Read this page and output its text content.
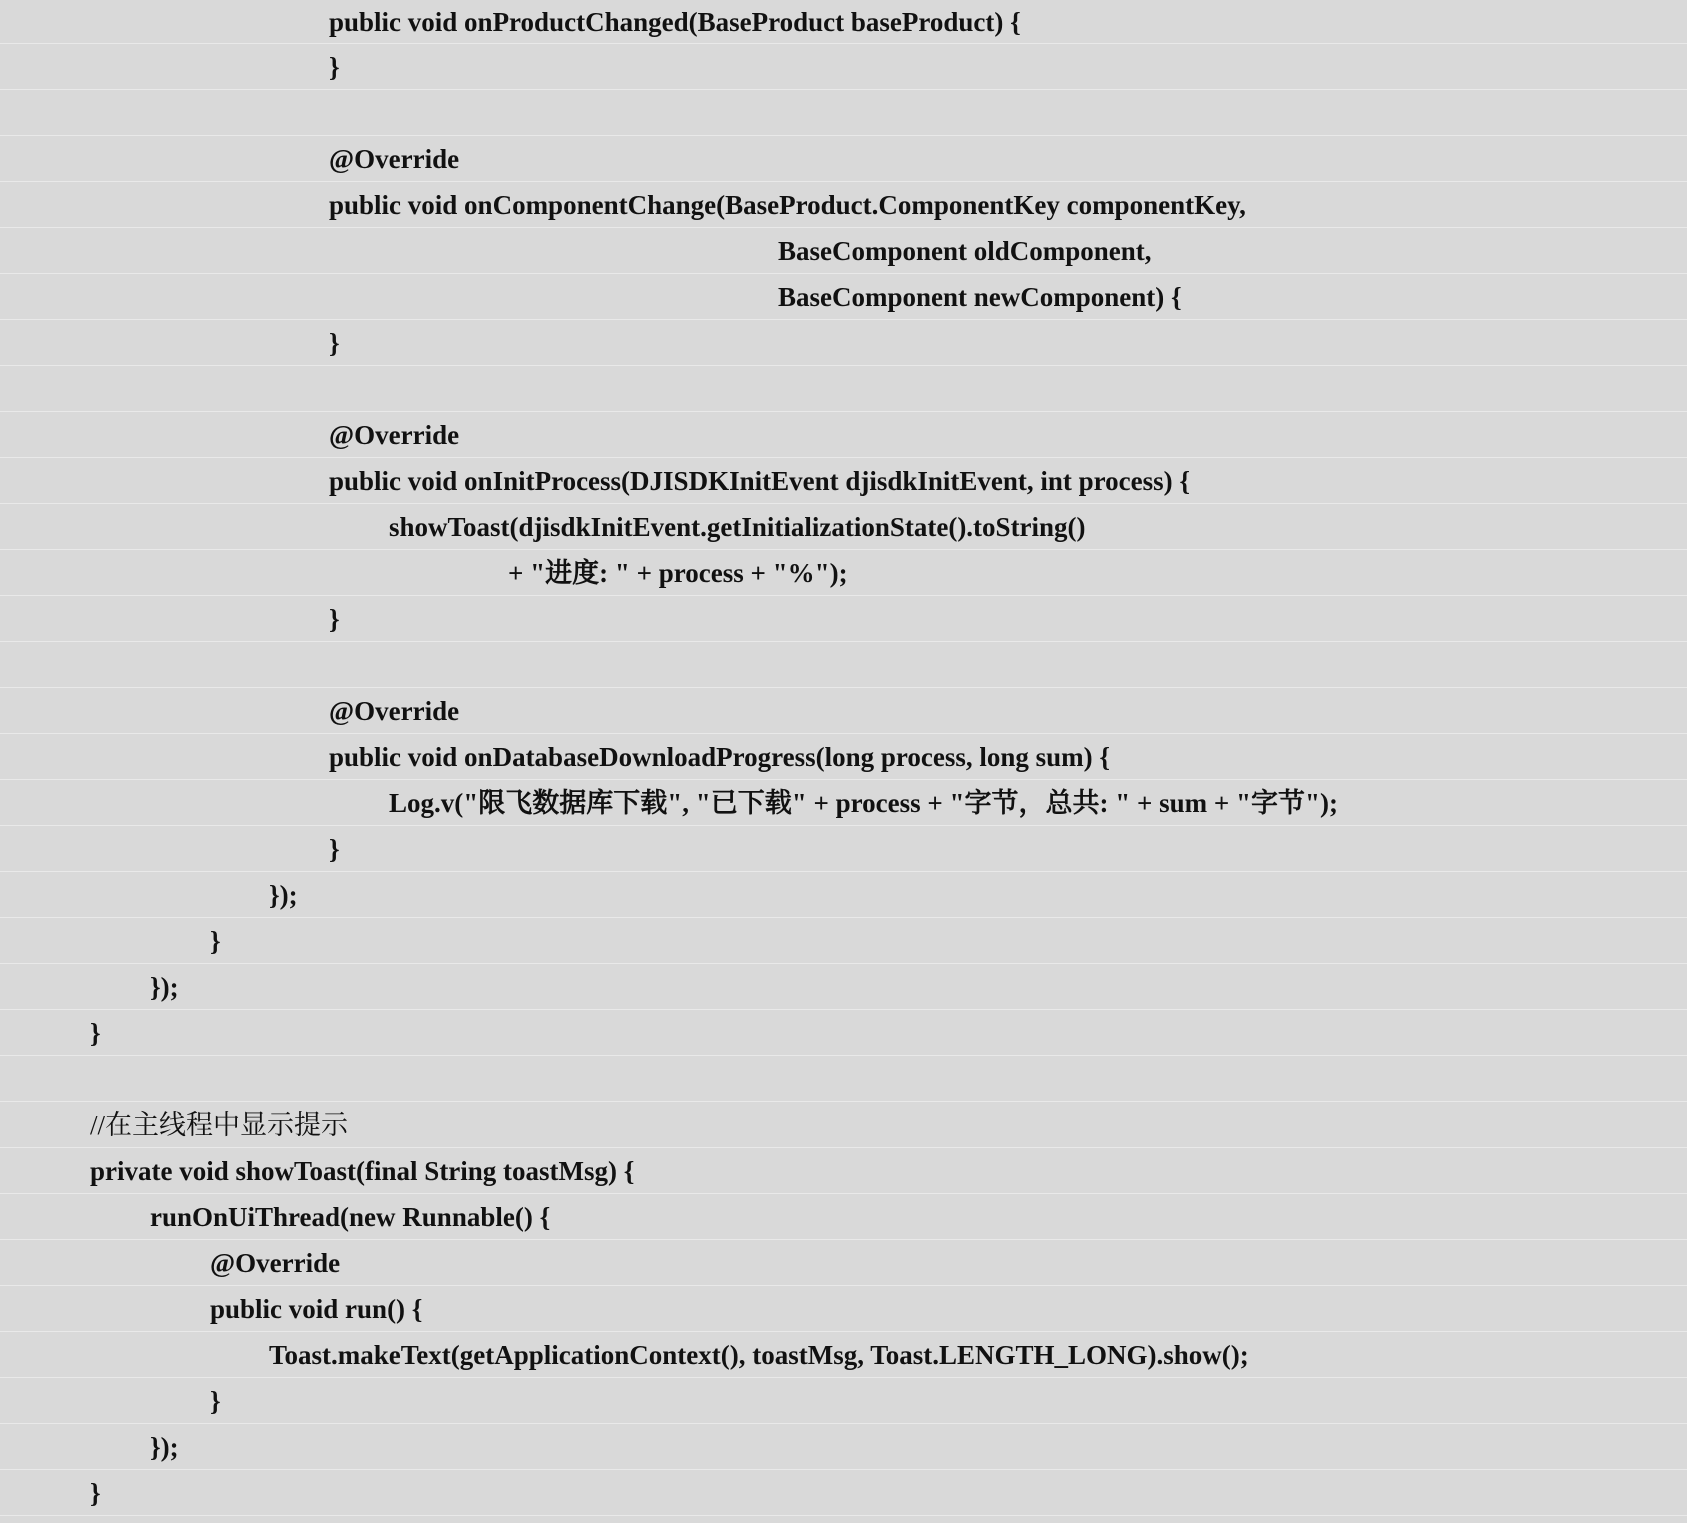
public void onProductChanged(BaseProduct baseProduct) {
}
@Override
public void onComponentChange(BaseProduct.ComponentKey componentKey,
BaseComponent oldComponent,
BaseComponent newComponent) {
}
@Override
public void onInitProcess(DJISDKInitEvent djisdkInitEvent, int process) {
showToast(djisdkInitEvent.getInitializationState().toString()
+ "进度: " + process + "%");
}
@Override
public void onDatabaseDownloadProgress(long process, long sum) {
Log.v("限飞数据库下载", "已下载" + process + "字节，总共: " + sum + "字节");
}
});
}
});
}
//在主线程中显示提示
private void showToast(final String toastMsg) {
runOnUiThread(new Runnable() {
@Override
public void run() {
Toast.makeText(getApplicationContext(), toastMsg, Toast.LENGTH_LONG).show();
}
});
}
